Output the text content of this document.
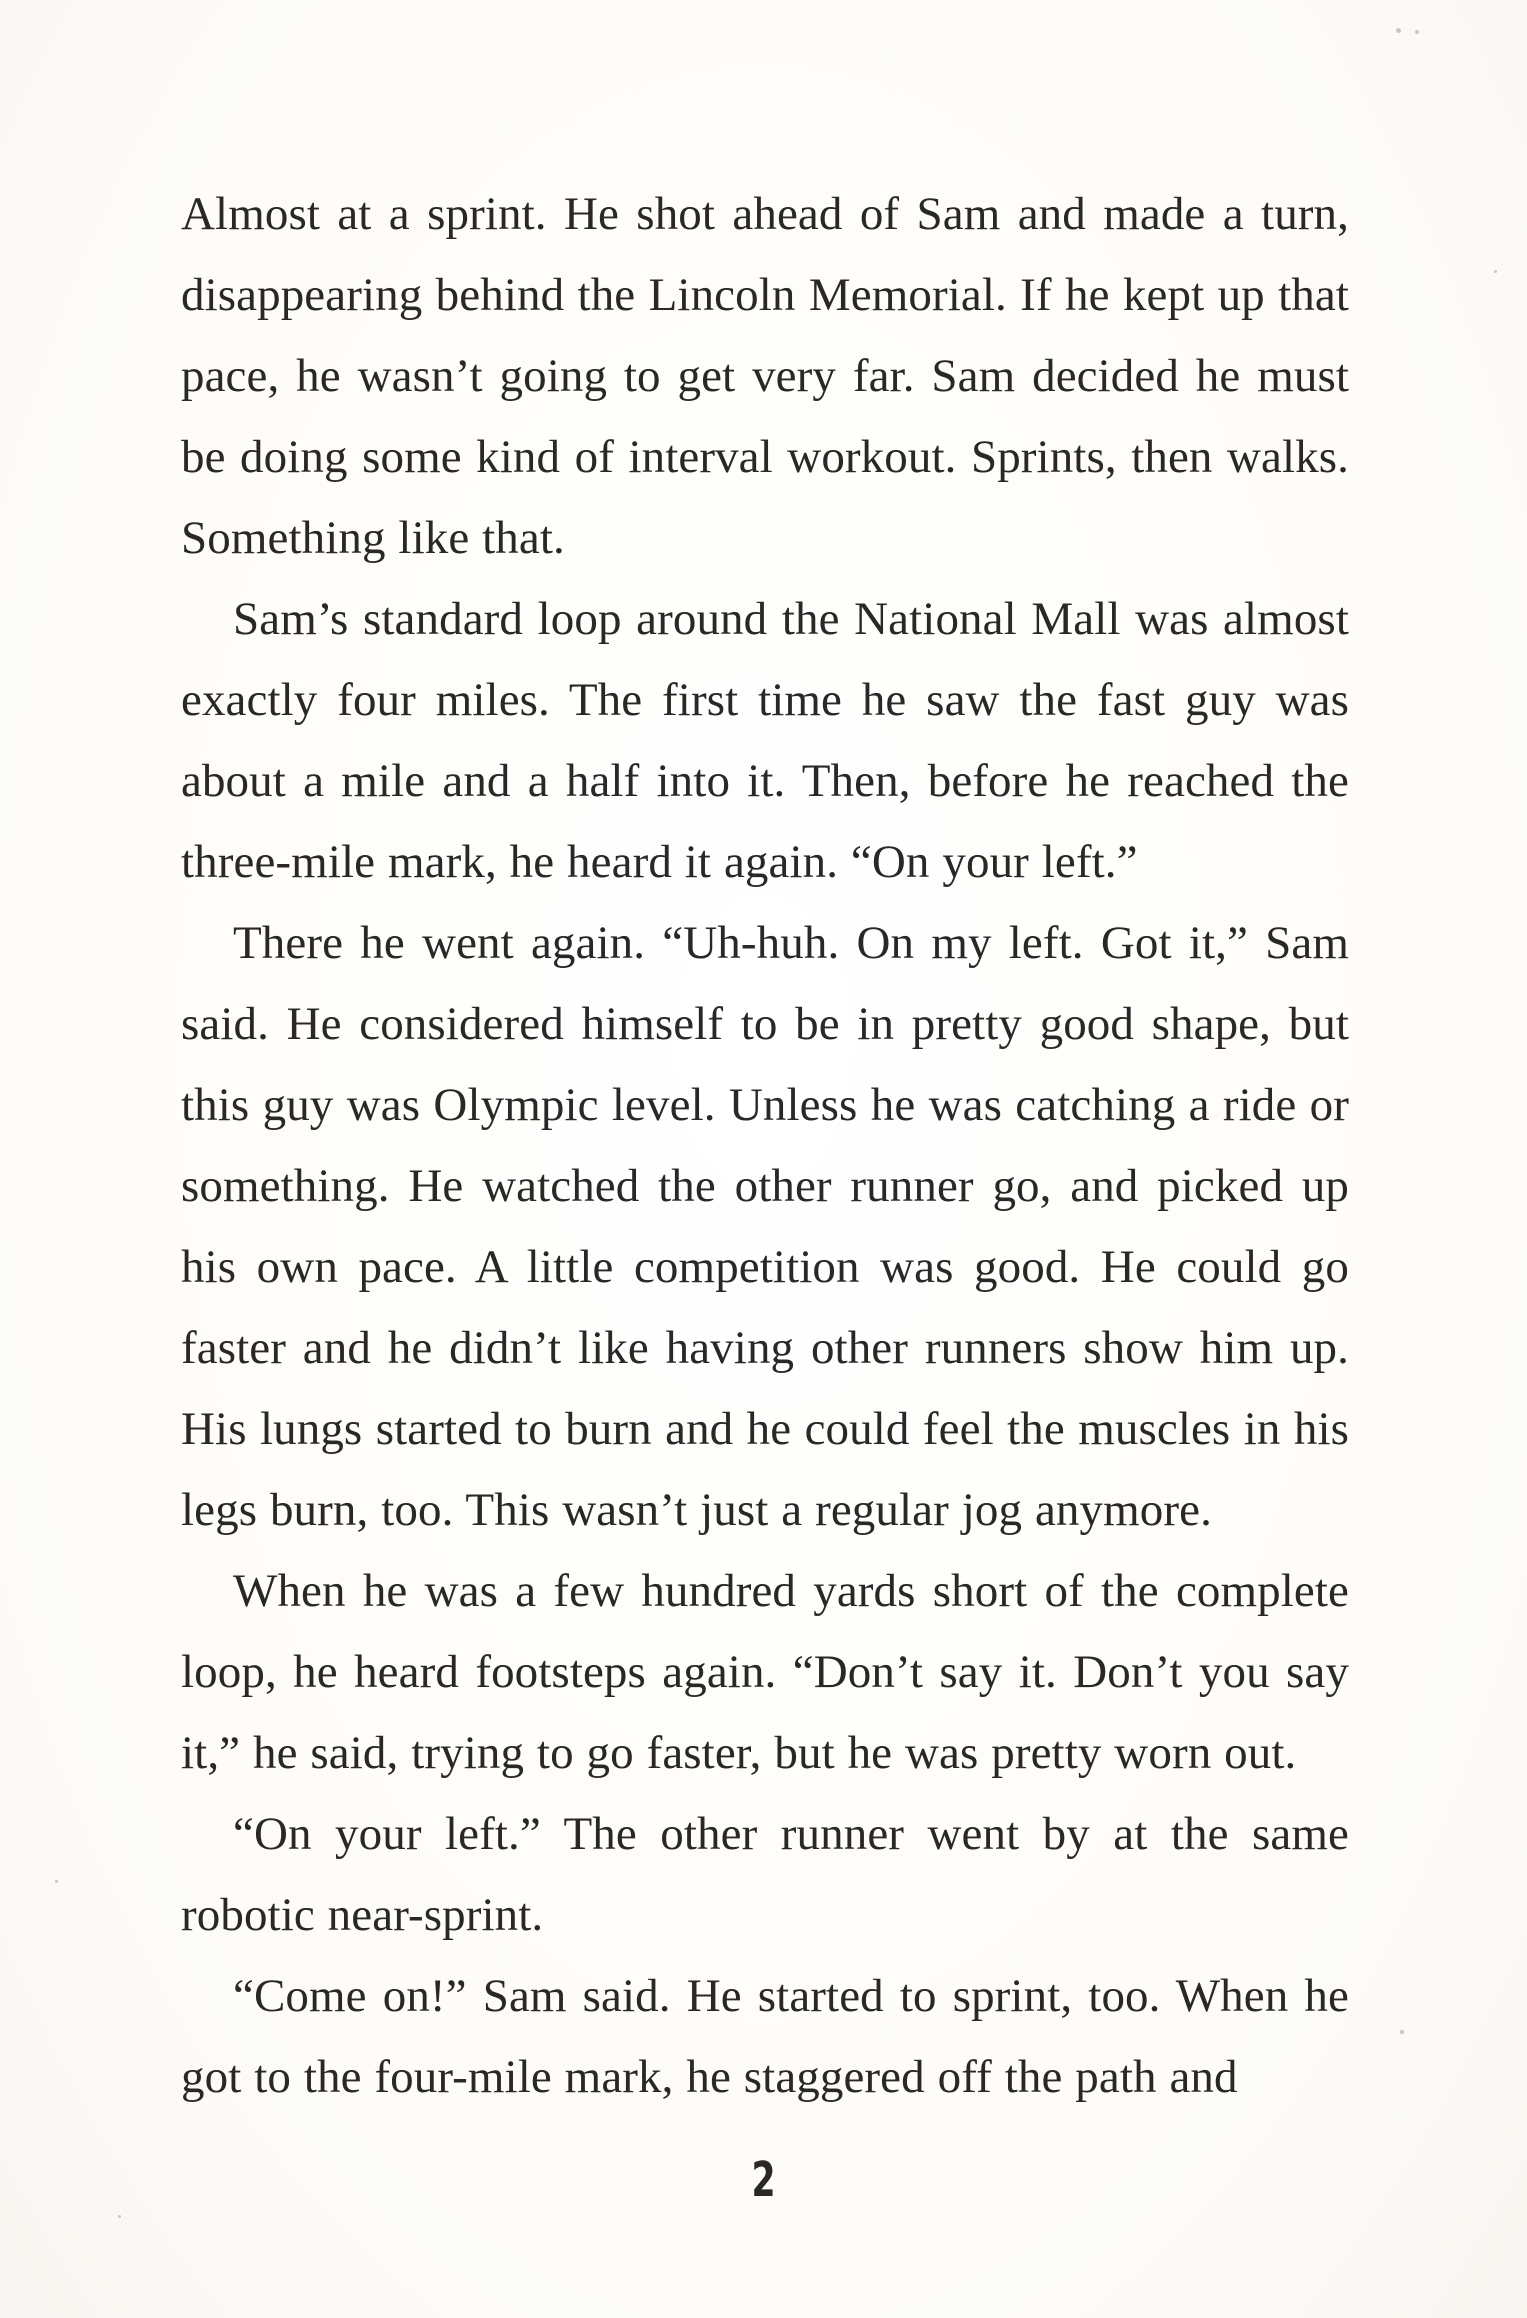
Almost at a sprint. He shot ahead of Sam and made a turn, disappearing behind the Lincoln Memorial. If he kept up that pace, he wasn’t going to get very far. Sam decided he must be doing some kind of interval workout. Sprints, then walks. Something like that.

Sam’s standard loop around the National Mall was almost exactly four miles. The first time he saw the fast guy was about a mile and a half into it. Then, before he reached the three-mile mark, he heard it again. “On your left.”

There he went again. “Uh-huh. On my left. Got it,” Sam said. He considered himself to be in pretty good shape, but this guy was Olympic level. Unless he was catching a ride or something. He watched the other runner go, and picked up his own pace. A little competition was good. He could go faster and he didn’t like having other runners show him up. His lungs started to burn and he could feel the muscles in his legs burn, too. This wasn’t just a regular jog anymore.

When he was a few hundred yards short of the complete loop, he heard footsteps again. “Don’t say it. Don’t you say it,” he said, trying to go faster, but he was pretty worn out.

“On your left.” The other runner went by at the same robotic near-sprint.

“Come on!” Sam said. He started to sprint, too. When he got to the four-mile mark, he staggered off the path and

2
